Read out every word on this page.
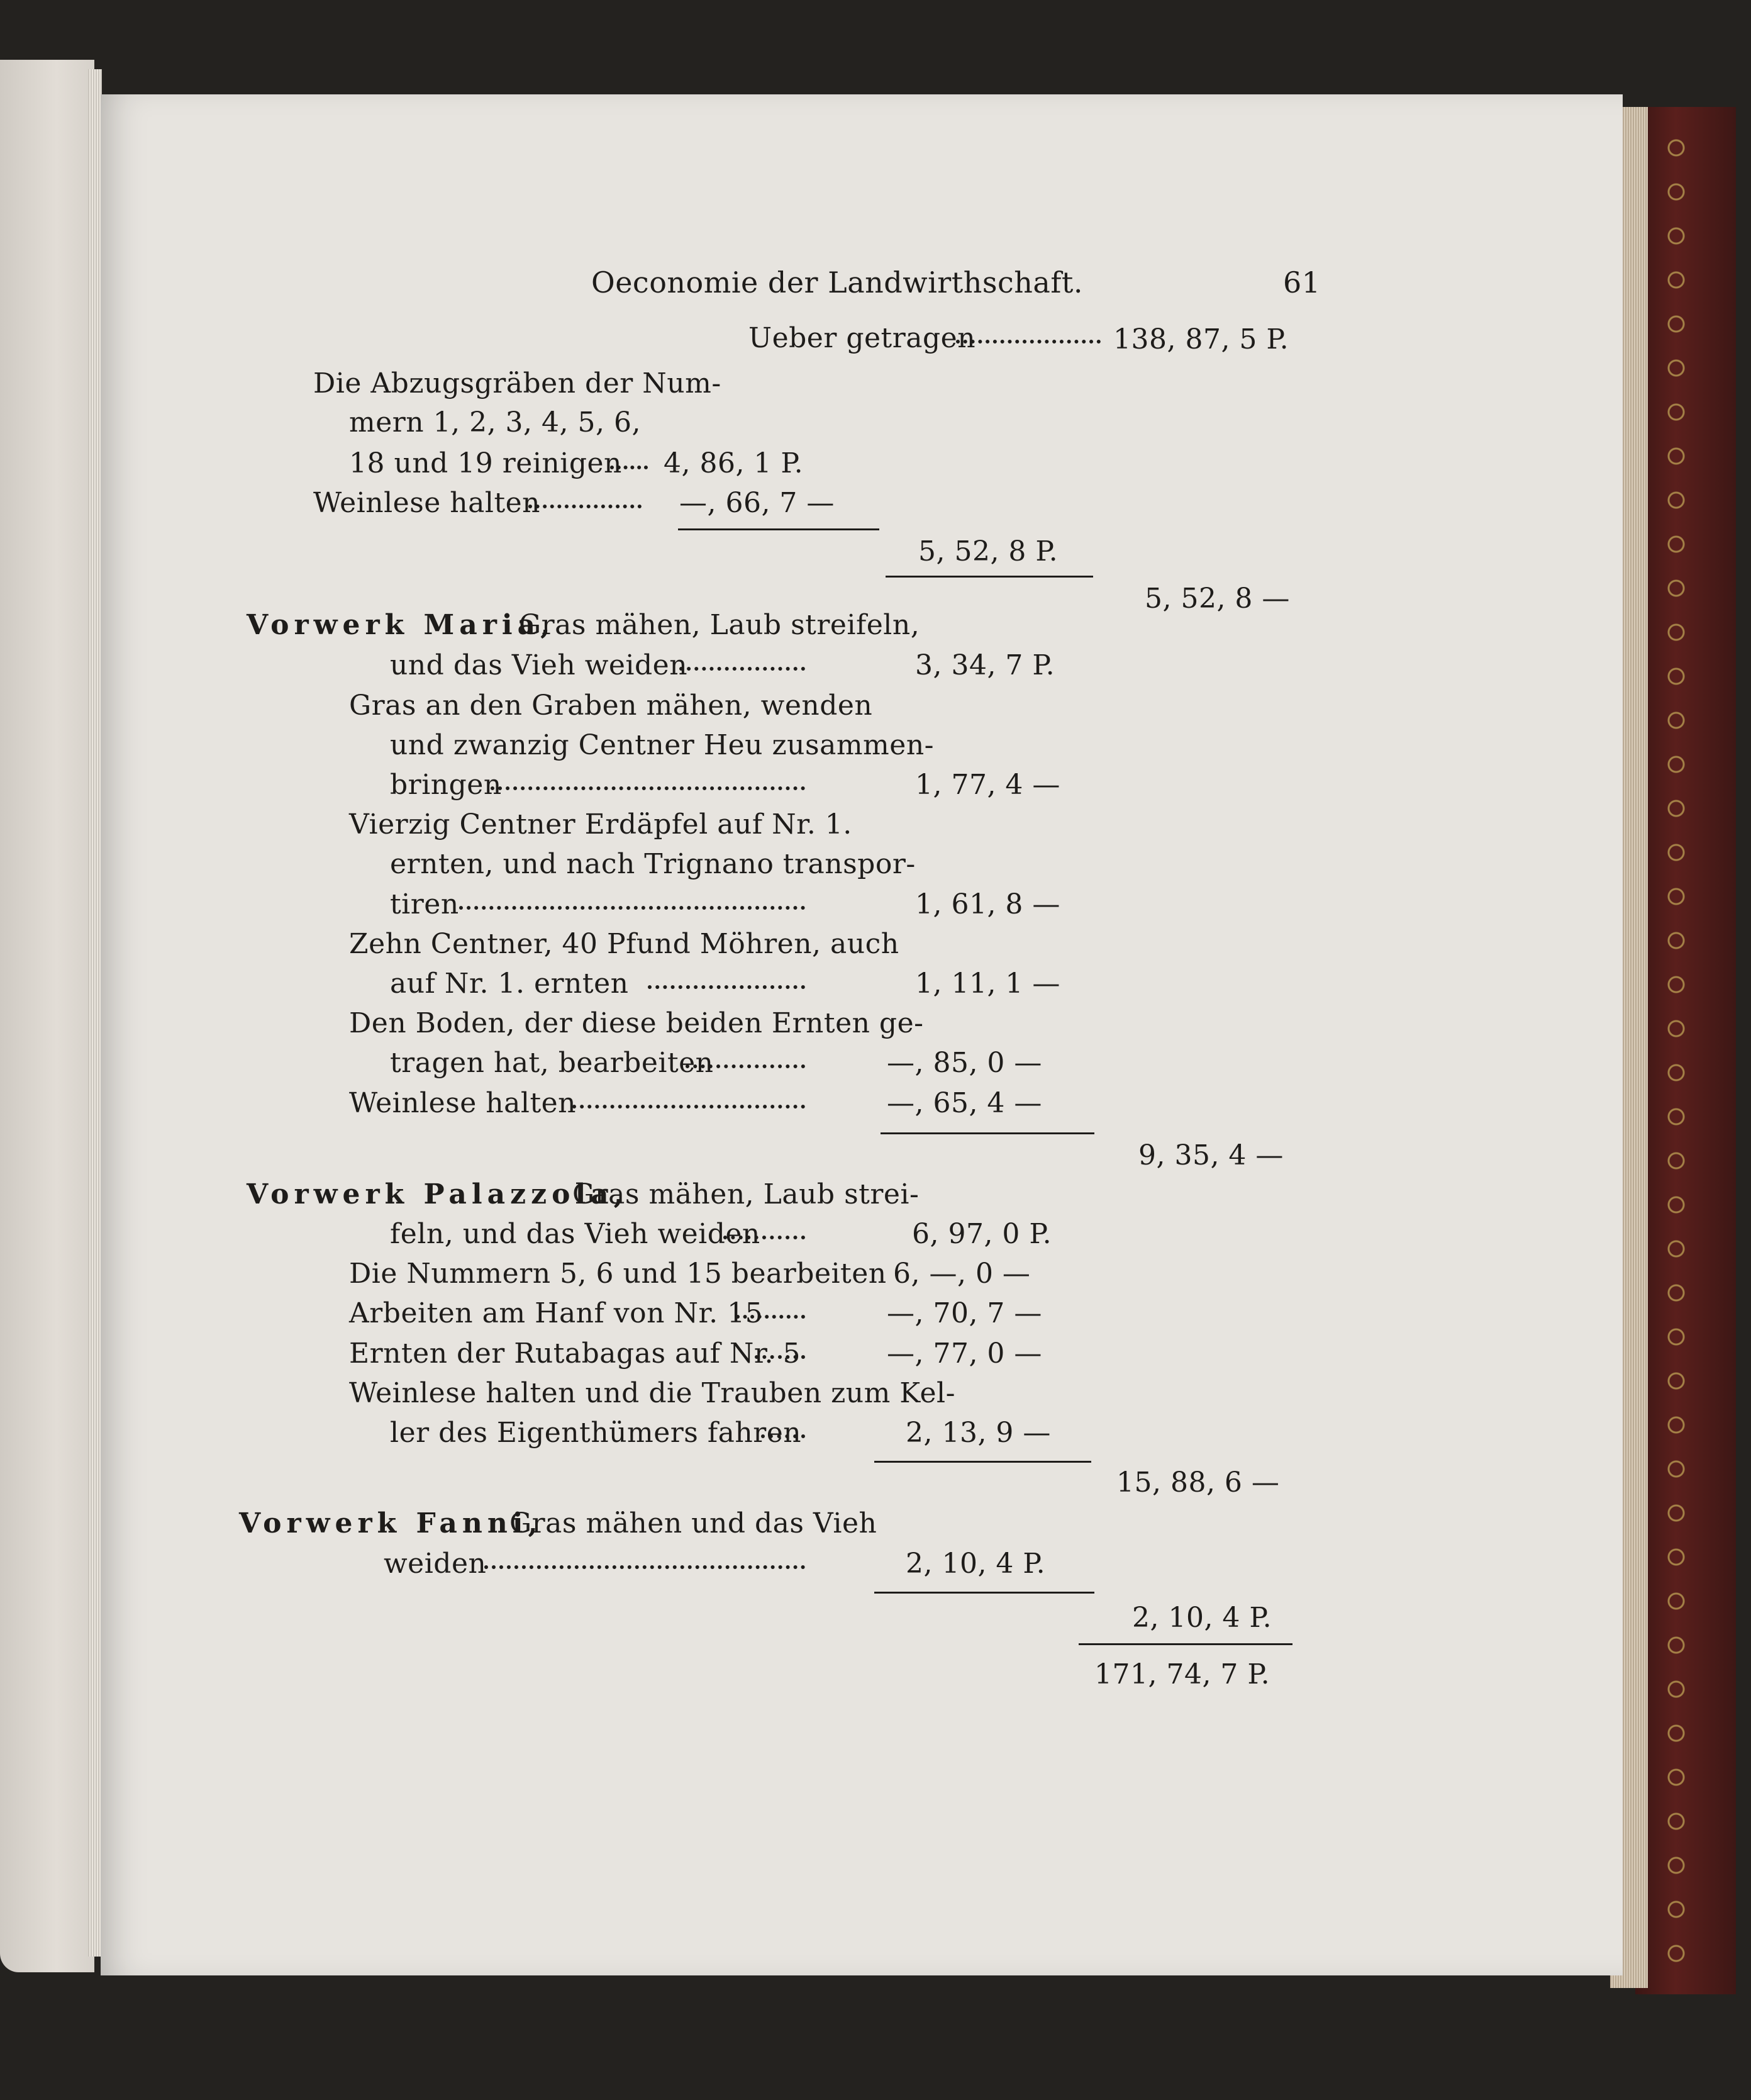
Oeconomie der Landwirthschaft.	61
Ueber getragen	138, 87, 5 P.
Die Abzugsgräben der Num-
mern 1, 2, 3, 4, 5, 6,
18 und 19 reinigen 4, 86, 1 P.
Weinlese halten	—, 66, 7 —
5, 52, 8 P.
5, 52, 8 —
Vorwerk Maria,
Gras mähen, Laub streifeln,
und das Vieh weiden	3, 34, 7 P.
Gras an den Graben mähen, wenden
und zwanzig Centner Heu zusammen-
bringen	1, 77, 4 —
Vierzig Centner Erdäpfel auf Nr. 1.
ernten, und nach Trignano transpor-
tiren	1, 61, 8 —
Zehn Centner, 40 Pfund Möhren, auch
auf Nr. 1. ernten	1, 11, 1 —
Den Boden, der diese beiden Ernten ge-
tragen hat, bearbeiten	—, 85, 0 —
Weinlese halten	—, 65, 4 —
9, 35, 4 —
Vorwerk Palazzola,
Gras mähen, Laub strei-
feln, und das Vieh weiden	6, 97, 0 P.
Die Nummern 5, 6 und 15 bearbeiten 6, —, 0 —
Arbeiten am Hanf von Nr. 15	—, 70, 7 —
Ernten der Rutabagas auf Nr. 5	—, 77, 0 —
Weinlese halten und die Trauben zum Kel-
ler des Eigenthümers fahren	2, 13, 9 —
15, 88, 6 —
Vorwerk Fanni,
Gras mähen und das Vieh
weiden	2, 10, 4 P.
2, 10, 4 P.
171, 74, 7 P.
